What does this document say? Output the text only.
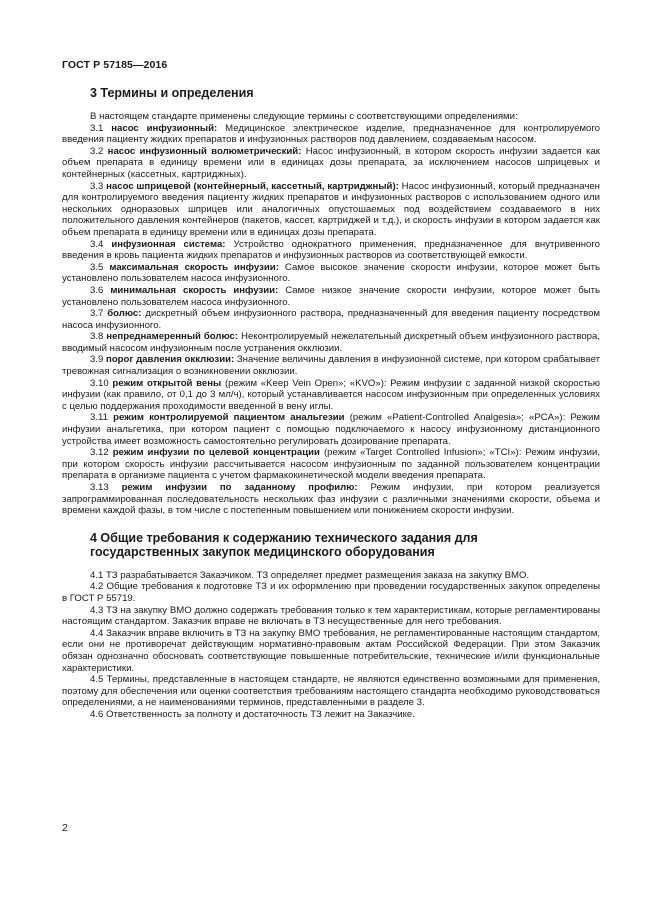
ГОСТ Р 57185—2016
3 Термины и определения

В настоящем стандарте применены следующие термины с соответствующими определениями:

3.1 насос инфузионный: Медицинское электрическое изделие, предназначенное для контролируемого введения пациенту жидких препаратов и инфузионных растворов под давлением, создаваемым насосом.

3.2 насос инфузионный волюметрический: Насос инфузионный, в котором скорость инфузии задается как объем препарата в единицу времени или в единицах дозы препарата, за исключением насосов шприцевых и контейнерных (кассетных, картриджных).

3.3 насос шприцевой (контейнерный, кассетный, картриджный): Насос инфузионный, который предназначен для контролируемого введения пациенту жидких препаратов и инфузионных растворов с использованием одного или нескольких одноразовых шприцев или аналогичных опустошаемых под воздействием создаваемого в них положительного давления контейнеров (пакетов, кассет, картриджей и т.д.), и скорость инфузии в котором задается как объем препарата в единицу времени или в единицах дозы препарата.

3.4 инфузионная система: Устройство однократного применения, предназначенное для внутривенного введения в кровь пациента жидких препаратов и инфузионных растворов из соответствующей емкости.

3.5 максимальная скорость инфузии: Самое высокое значение скорости инфузии, которое может быть установлено пользователем насоса инфузионного.

3.6 минимальная скорость инфузии: Самое низкое значение скорости инфузии, которое может быть установлено пользователем насоса инфузионного.

3.7 болюс: дискретный объем инфузионного раствора, предназначенный для введения пациенту посредством насоса инфузионного.

3.8 непреднамеренный болюс: Неконтролируемый нежелательный дискретный объем инфузионного раствора, вводимый насосом инфузионным после устранения окклюзии.

3.9 порог давления окклюзии: Значение величины давления в инфузионной системе, при котором срабатывает тревожная сигнализация о возникновении окклюзии.

3.10 режим открытой вены (режим «Keep Vein Open»; «KVO»): Режим инфузии с заданной низкой скоростью инфузии (как правило, от 0,1 до 3 мл/ч), который устанавливается насосом инфузионным при определенных условиях с целью поддержания проходимости введенной в вену иглы.

3.11 режим контролируемой пациентом анальгезии (режим «Patient-Controlled Analgesia»; «PCA»): Режим инфузии анальгетика, при котором пациент с помощью подключаемого к насосу инфузионному дистанционного устройства имеет возможность самостоятельно регулировать дозирование препарата.

3.12 режим инфузии по целевой концентрации (режим «Target Controlled Infusion»; «TCI»): Режим инфузии, при котором скорость инфузии рассчитывается насосом инфузионным по заданной пользователем концентрации препарата в организме пациента с учетом фармакокинетической модели введения препарата.

3.13 режим инфузии по заданному профилю: Режим инфузии, при котором реализуется запрограммированная последовательность нескольких фаз инфузии с различными значениями скорости, объема и времени каждой фазы, в том числе с постепенным повышением или понижением скорости инфузии.

4 Общие требования к содержанию технического задания для государственных закупок медицинского оборудования

4.1 ТЗ разрабатывается Заказчиком. ТЗ определяет предмет размещения заказа на закупку ВМО.

4.2 Общие требования к подготовке ТЗ и их оформлению при проведении государственных закупок определены в ГОСТ Р 55719.

4.3 ТЗ на закупку ВМО должно содержать требования только к тем характеристикам, которые регламентированы настоящим стандартом. Заказчик вправе не включать в ТЗ несущественные для него требования.

4.4 Заказчик вправе включить в ТЗ на закупку ВМО требования, не регламентированные настоящим стандартом, если они не противоречат действующим нормативно-правовым актам Российской Федерации. При этом Заказчик обязан однозначно обосновать соответствующие повышенные потребительские, технические и/или функциональные характеристики.

4.5 Термины, представленные в настоящем стандарте, не являются единственно возможными для применения, поэтому для обеспечения или оценки соответствия требованиям настоящего стандарта необходимо руководствоваться определениями, а не наименованиями терминов, представленными в разделе 3.

4.6 Ответственность за полноту и достаточность ТЗ лежит на Заказчике.

2
